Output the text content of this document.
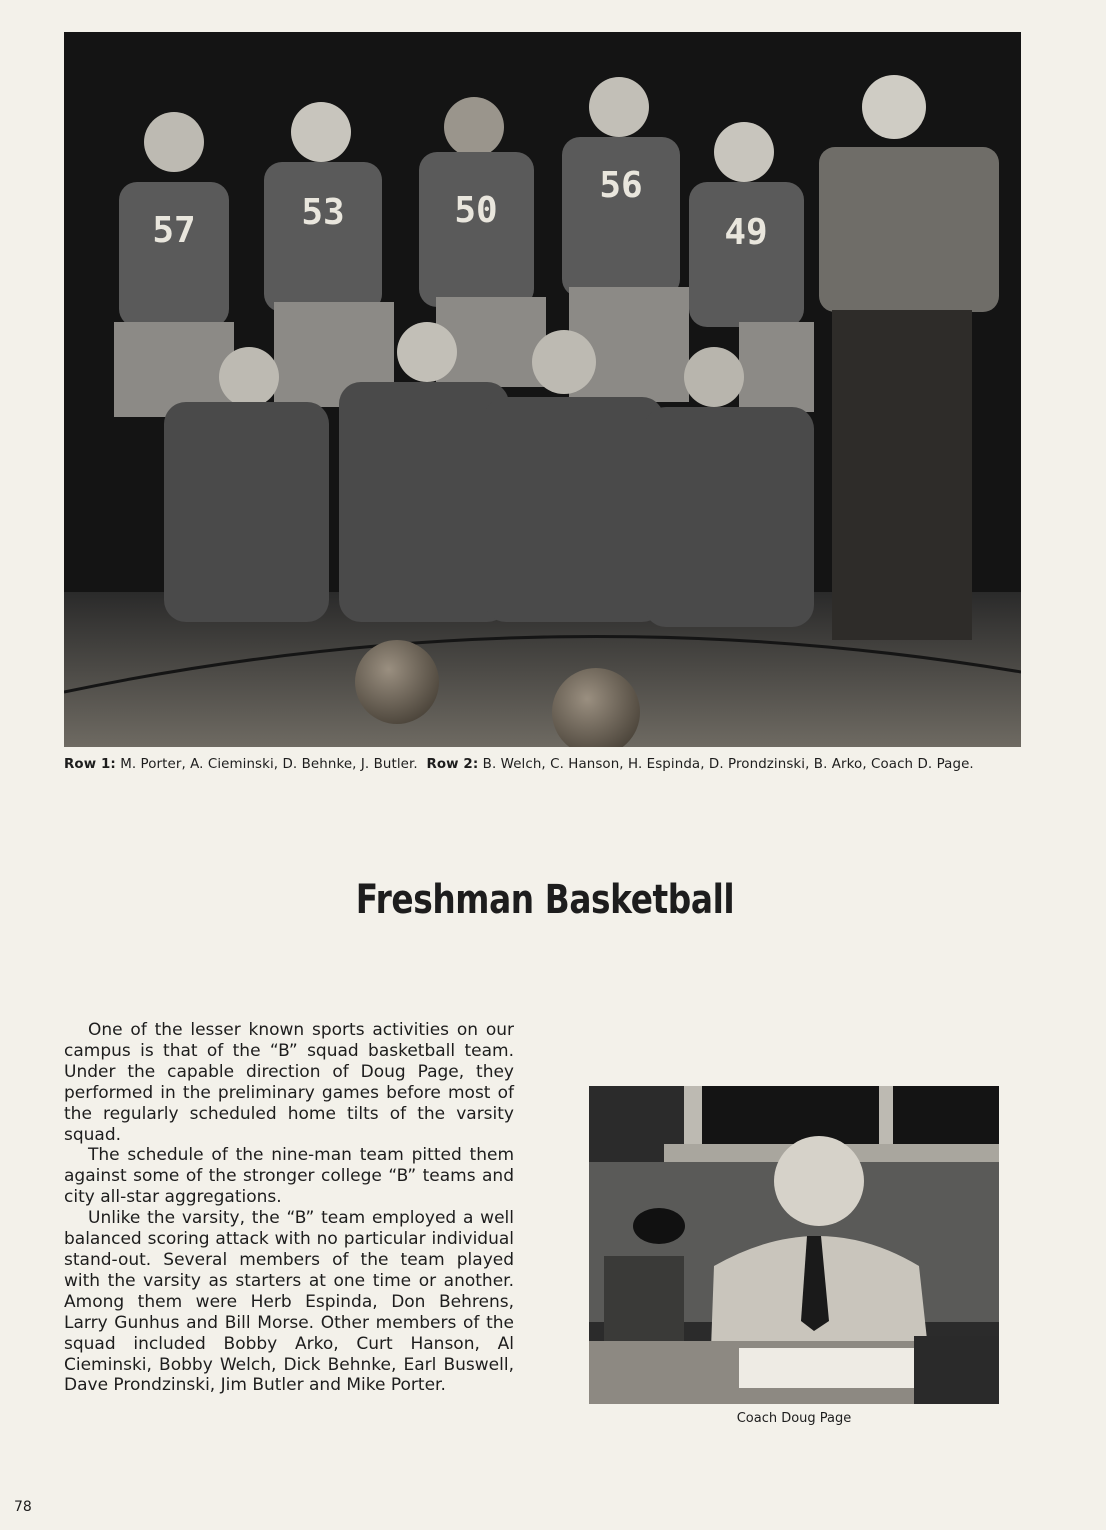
57	53	50
56
49
Row 1: M. Porter, A. Cieminski, D. Behnke, J. Butler. Row 2: B. Welch, C. Hanson, H. Espinda, D. Prondzinski, B. Arko, Coach D. Page.
Freshman Basketball

One of the lesser known sports activities on our campus is that of the “B” squad basketball team. Under the capable direction of Doug Page, they performed in the preliminary games before most of the regularly scheduled home tilts of the varsity squad.

The schedule of the nine-man team pitted them against some of the stronger college “B” teams and city all-star aggregations.

Unlike the varsity, the “B” team employed a well balanced scoring attack with no particular individual stand-out. Several members of the team played with the varsity as starters at one time or another. Among them were Herb Espinda, Don Behrens, Larry Gunhus and Bill Morse. Other members of the squad included Bobby Arko, Curt Hanson, Al Cieminski, Bobby Welch, Dick Behnke, Earl Buswell, Dave Prondzinski, Jim Butler and Mike Porter.

Coach Doug Page
78
